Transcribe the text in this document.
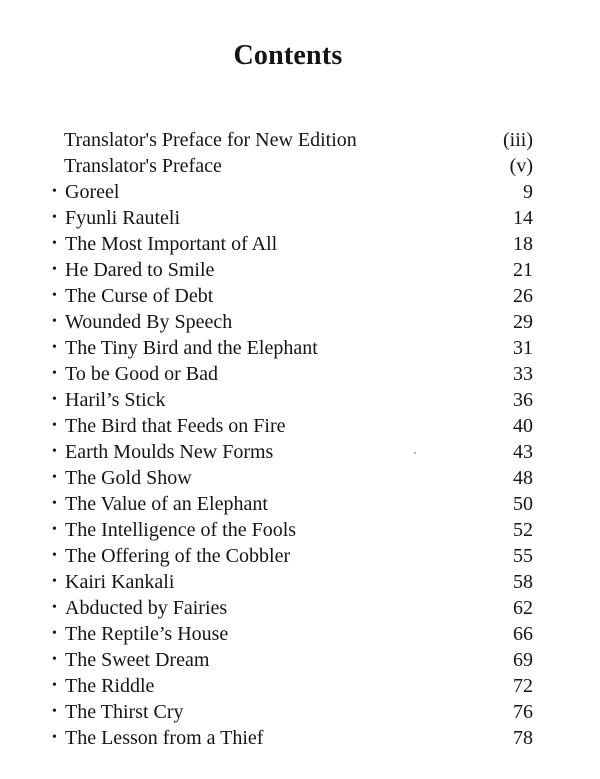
Contents
Translator's Preface for New Edition	(iii)
Translator's Preface	(v)
• Goreel	9
• Fyunli Rauteli	14
• The Most Important of All	18
• He Dared to Smile	21
• The Curse of Debt	26
• Wounded By Speech	29
• The Tiny Bird and the Elephant	31
• To be Good or Bad	33
• Haril’s Stick	36
• The Bird that Feeds on Fire	40
• Earth Moulds New Forms	43
• The Gold Show	48
• The Value of an Elephant	50
• The Intelligence of the Fools	52
• The Offering of the Cobbler	55
• Kairi Kankali	58
• Abducted by Fairies	62
• The Reptile’s House	66
• The Sweet Dream	69
• The Riddle	72
• The Thirst Cry	76
• The Lesson from a Thief	78
